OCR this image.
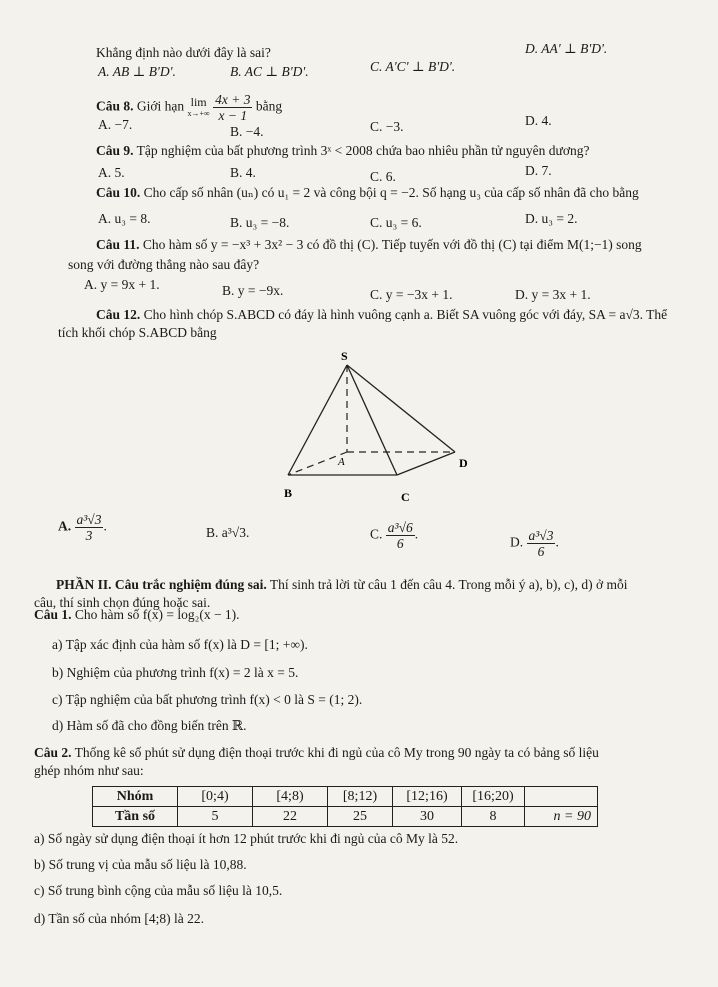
Khẳng định nào dưới đây là sai?
A. AB ⊥ B'D'.	B. AC ⊥ B'D'.	C. A'C' ⊥ B'D'.
D. AA' ⊥ B'D'.
Câu 8. Giới hạn lim
x→+∞
$\frac{4x + 3}{x - 1}$ bằng
A. −7.	B. −4.	C. −3.	D. 4.
Câu 9. Tập nghiệm của bất phương trình 3ˣ < 2008 chứa bao nhiêu phần tử nguyên dương?
A. 5.	B. 4.	C. 6.	D. 7.
Câu 10. Cho cấp số nhân (uₙ) có u₁ = 2 và công bội q = −2. Số hạng u₃ của cấp số nhân đã cho bằng
A. u₃ = 8.	B. u₃ = −8.	C. u₃ = 6.	D. u₃ = 2.
Câu 11. Cho hàm số y = −x³ + 3x² − 3 có đồ thị (C). Tiếp tuyến với đồ thị (C) tại điểm M(1;−1) song
song với đường thẳng nào sau đây?
A. y = 9x + 1.	B. y = −9x.	C. y = −3x + 1.	D. y = 3x + 1.
Câu 12. Cho hình chóp S.ABCD có đáy là hình vuông cạnh a. Biết SA vuông góc với đáy, SA = a√3. Thể
tích khối chóp S.ABCD bằng
S
A
B	C
D
A. $\frac{\text{a³√3}}{3}$ .	B. a³√3.	C. $\frac{\text{a³√6}}{6}$ .
D. $\frac{\text{a³√3}}{6}$ .
PHẦN II. Câu trắc nghiệm đúng sai. Thí sinh trả lời từ câu 1 đến câu 4. Trong mỗi ý a), b), c), d) ở mỗi
câu, thí sinh chọn đúng hoặc sai.
Câu 1. Cho hàm số f(x) = log₂(x − 1).
a) Tập xác định của hàm số f(x) là D = [1; +∞).
b) Nghiệm của phương trình f(x) = 2 là x = 5.
c) Tập nghiệm của bất phương trình f(x) < 0 là S = (1; 2).
d) Hàm số đã cho đồng biến trên ℝ.
Câu 2. Thống kê số phút sử dụng điện thoại trước khi đi ngủ của cô My trong 90 ngày ta có bảng số liệu
ghép nhóm như sau:
Nhóm	[0;4)	[4;8)	[8;12)	[12;16)	[16;20)	
Tần số	5	22	25	30	8	n = 90
a) Số ngày sử dụng điện thoại ít hơn 12 phút trước khi đi ngủ của cô My là 52.
b) Số trung vị của mẫu số liệu là 10,88.
c) Số trung bình cộng của mẫu số liệu là 10,5.
d) Tần số của nhóm [4;8) là 22.
